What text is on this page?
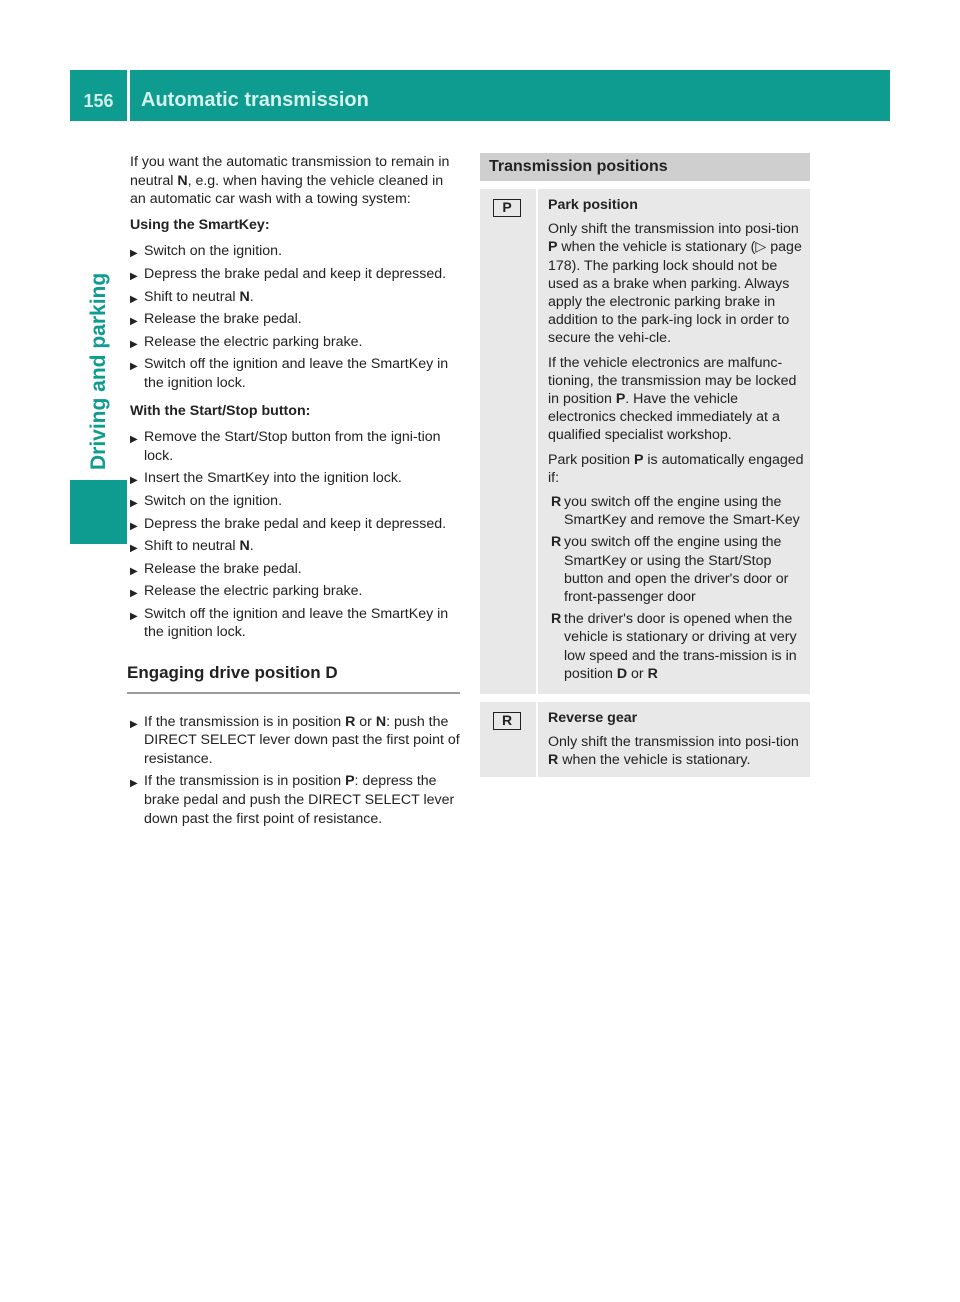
156	Automatic transmission
Driving and parking

If you want the automatic transmission to remain in neutral N, e.g. when having the vehicle cleaned in an automatic car wash with a towing system:

Using the SmartKey:

▶ Switch on the ignition.
▶ Depress the brake pedal and keep it depressed.
▶ Shift to neutral N.
▶ Release the brake pedal.
▶ Release the electric parking brake.
▶ Switch off the ignition and leave the SmartKey in the ignition lock.

With the Start/Stop button:

▶ Remove the Start/Stop button from the igni-tion lock.
▶ Insert the SmartKey into the ignition lock.
▶ Switch on the ignition.
▶ Depress the brake pedal and keep it depressed.
▶ Shift to neutral N.
▶ Release the brake pedal.
▶ Release the electric parking brake.
▶ Switch off the ignition and leave the SmartKey in the ignition lock.
Engaging drive position D
▶ If the transmission is in position R or N: push the DIRECT SELECT lever down past the first point of resistance.
▶ If the transmission is in position P: depress the brake pedal and push the DIRECT SELECT lever down past the first point of resistance.
Transmission positions
P	Park position

Only shift the transmission into posi-tion P when the vehicle is stationary (▷ page 178). The parking lock should not be used as a brake when parking. Always apply the electronic parking brake in addition to the park-ing lock in order to secure the vehi-cle.

If the vehicle electronics are malfunc-tioning, the transmission may be locked in position P. Have the vehicle electronics checked immediately at a qualified specialist workshop.

Park position P is automatically engaged if:

R you switch off the engine using the SmartKey and remove the Smart-Key
R you switch off the engine using the SmartKey or using the Start/Stop button and open the driver's door or front-passenger door
R the driver's door is opened when the vehicle is stationary or driving at very low speed and the trans-mission is in position D or R
R	Reverse gear

Only shift the transmission into posi-tion R when the vehicle is stationary.
